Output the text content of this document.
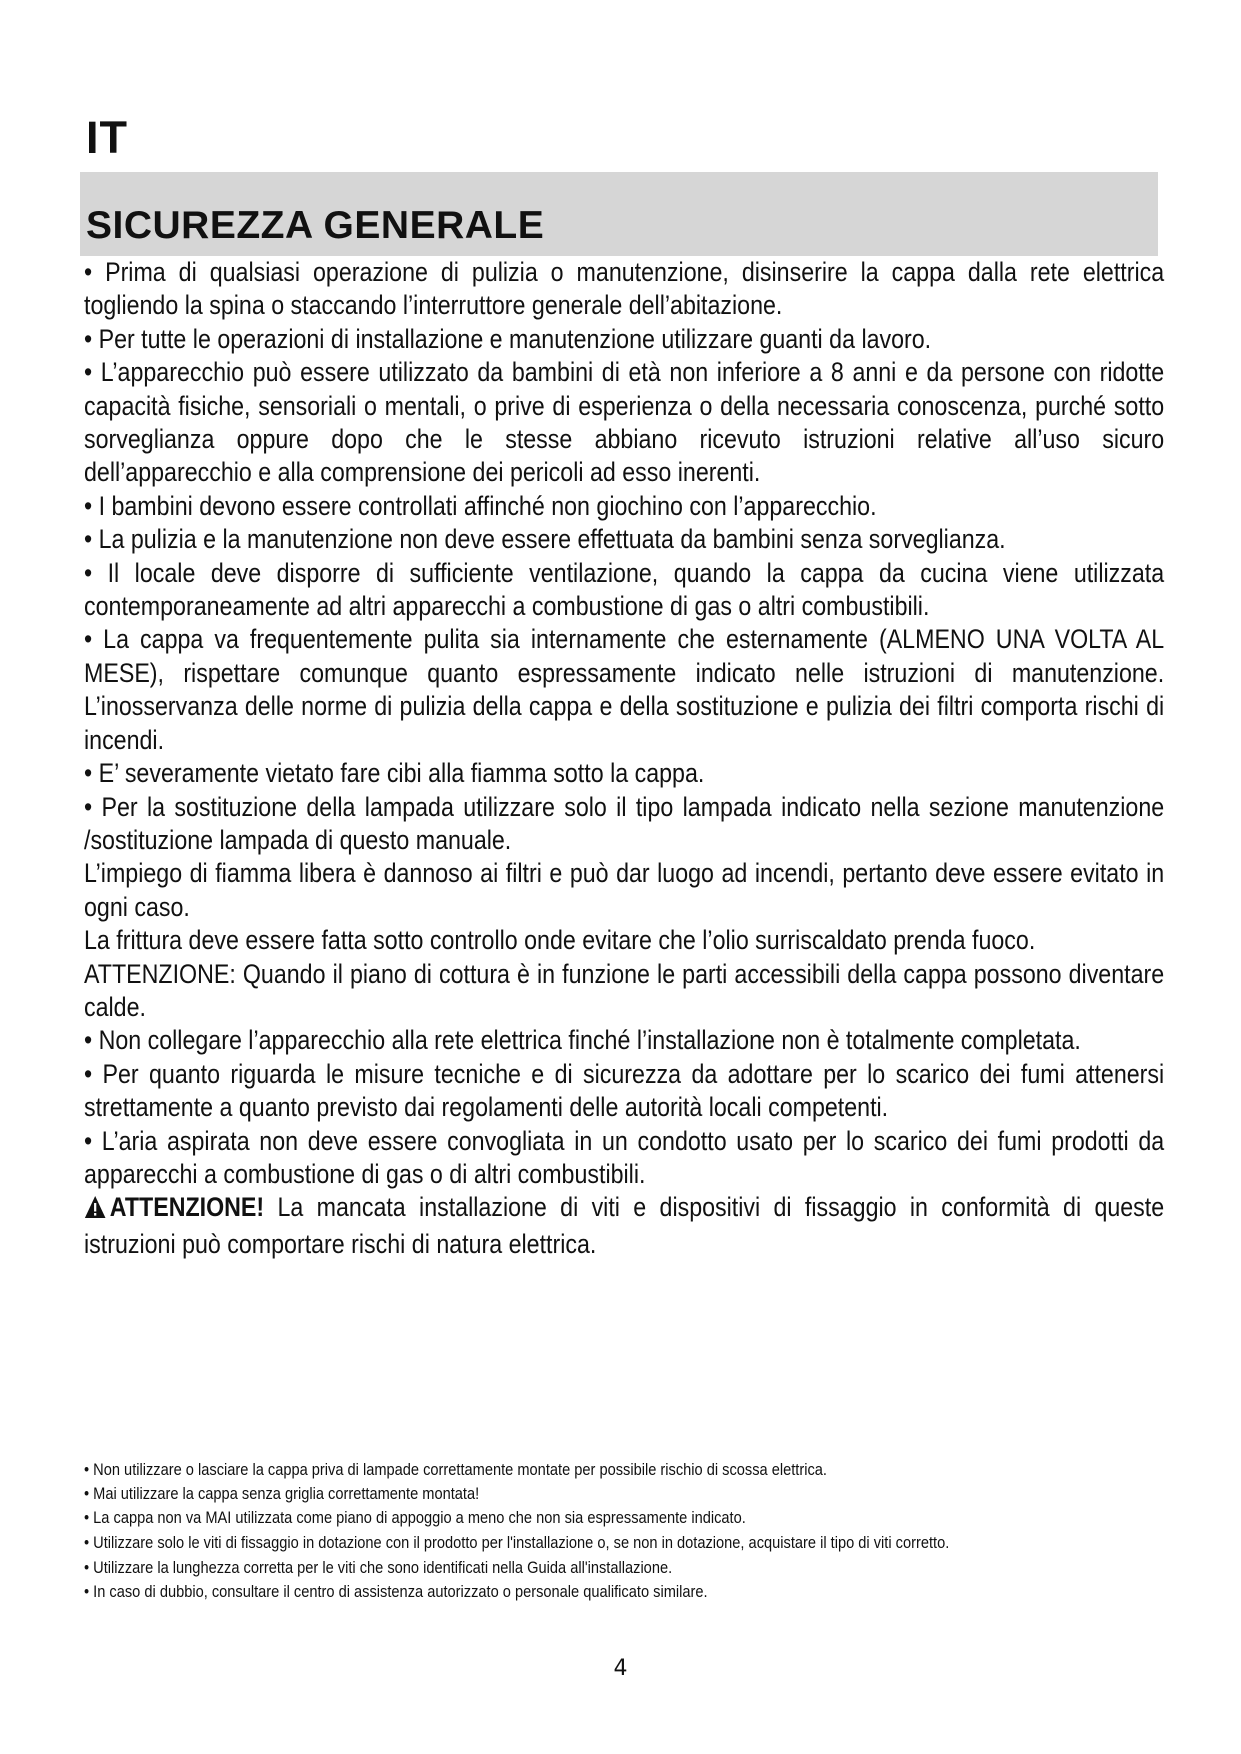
IT
SICUREZZA GENERALE

• Prima di qualsiasi operazione di pulizia o manutenzione, disinserire la cappa dalla rete elettrica togliendo la spina o staccando l’interruttore generale dell’abitazione.

• Per tutte le operazioni di installazione e manutenzione utilizzare guanti da lavoro.

• L’apparecchio può essere utilizzato da bambini di età non inferiore a 8 anni e da persone con ridotte capacità fisiche, sensoriali o mentali, o prive di esperienza o della necessaria conoscenza, purché sotto sorveglianza oppure dopo che le stesse abbiano ricevuto istruzioni relative all’uso sicuro dell’apparecchio e alla comprensione dei pericoli ad esso inerenti.

• I bambini devono essere controllati affinché non giochino con l’apparecchio.

• La pulizia e la manutenzione non deve essere effettuata da bambini senza sorveglianza.

• Il locale deve disporre di sufficiente ventilazione, quando la cappa da cucina viene utilizzata contemporaneamente ad altri apparecchi a combustione di gas o altri combustibili.

• La cappa va frequentemente pulita sia internamente che esternamente (ALMENO UNA VOLTA AL MESE), rispettare comunque quanto espressamente indicato nelle istruzioni di manutenzione. L’inosservanza delle norme di pulizia della cappa e della sostituzione e pulizia dei filtri comporta rischi di incendi.

• E’ severamente vietato fare cibi alla fiamma sotto la cappa.

• Per la sostituzione della lampada utilizzare solo il tipo lampada indicato nella sezione manutenzione /sostituzione lampada di questo manuale.

L’impiego di fiamma libera è dannoso ai filtri e può dar luogo ad incendi, pertanto deve essere evitato in ogni caso.

La frittura deve essere fatta sotto controllo onde evitare che l’olio surriscaldato prenda fuoco.

ATTENZIONE: Quando il piano di cottura è in funzione le parti accessibili della cappa possono diventare calde.

• Non collegare l’apparecchio alla rete elettrica finché l’installazione non è totalmente completata.

• Per quanto riguarda le misure tecniche e di sicurezza da adottare per lo scarico dei fumi attenersi strettamente a quanto previsto dai regolamenti delle autorità locali competenti.

• L’aria aspirata non deve essere convogliata in un condotto usato per lo scarico dei fumi prodotti da apparecchi a combustione di gas o di altri combustibili.

ATTENZIONE! La mancata installazione di viti e dispositivi di fissaggio in conformità di queste istruzioni può comportare rischi di natura elettrica.

• Non utilizzare o lasciare la cappa priva di lampade correttamente montate per possibile rischio di scossa elettrica.

• Mai utilizzare la cappa senza griglia correttamente montata!

• La cappa non va MAI utilizzata come piano di appoggio a meno che non sia espressamente indicato.

• Utilizzare solo le viti di fissaggio in dotazione con il prodotto per l'installazione o, se non in dotazione, acquistare il tipo di viti corretto.

• Utilizzare la lunghezza corretta per le viti che sono identificati nella Guida all'installazione.

• In caso di dubbio, consultare il centro di assistenza autorizzato o personale qualificato similare.

4
